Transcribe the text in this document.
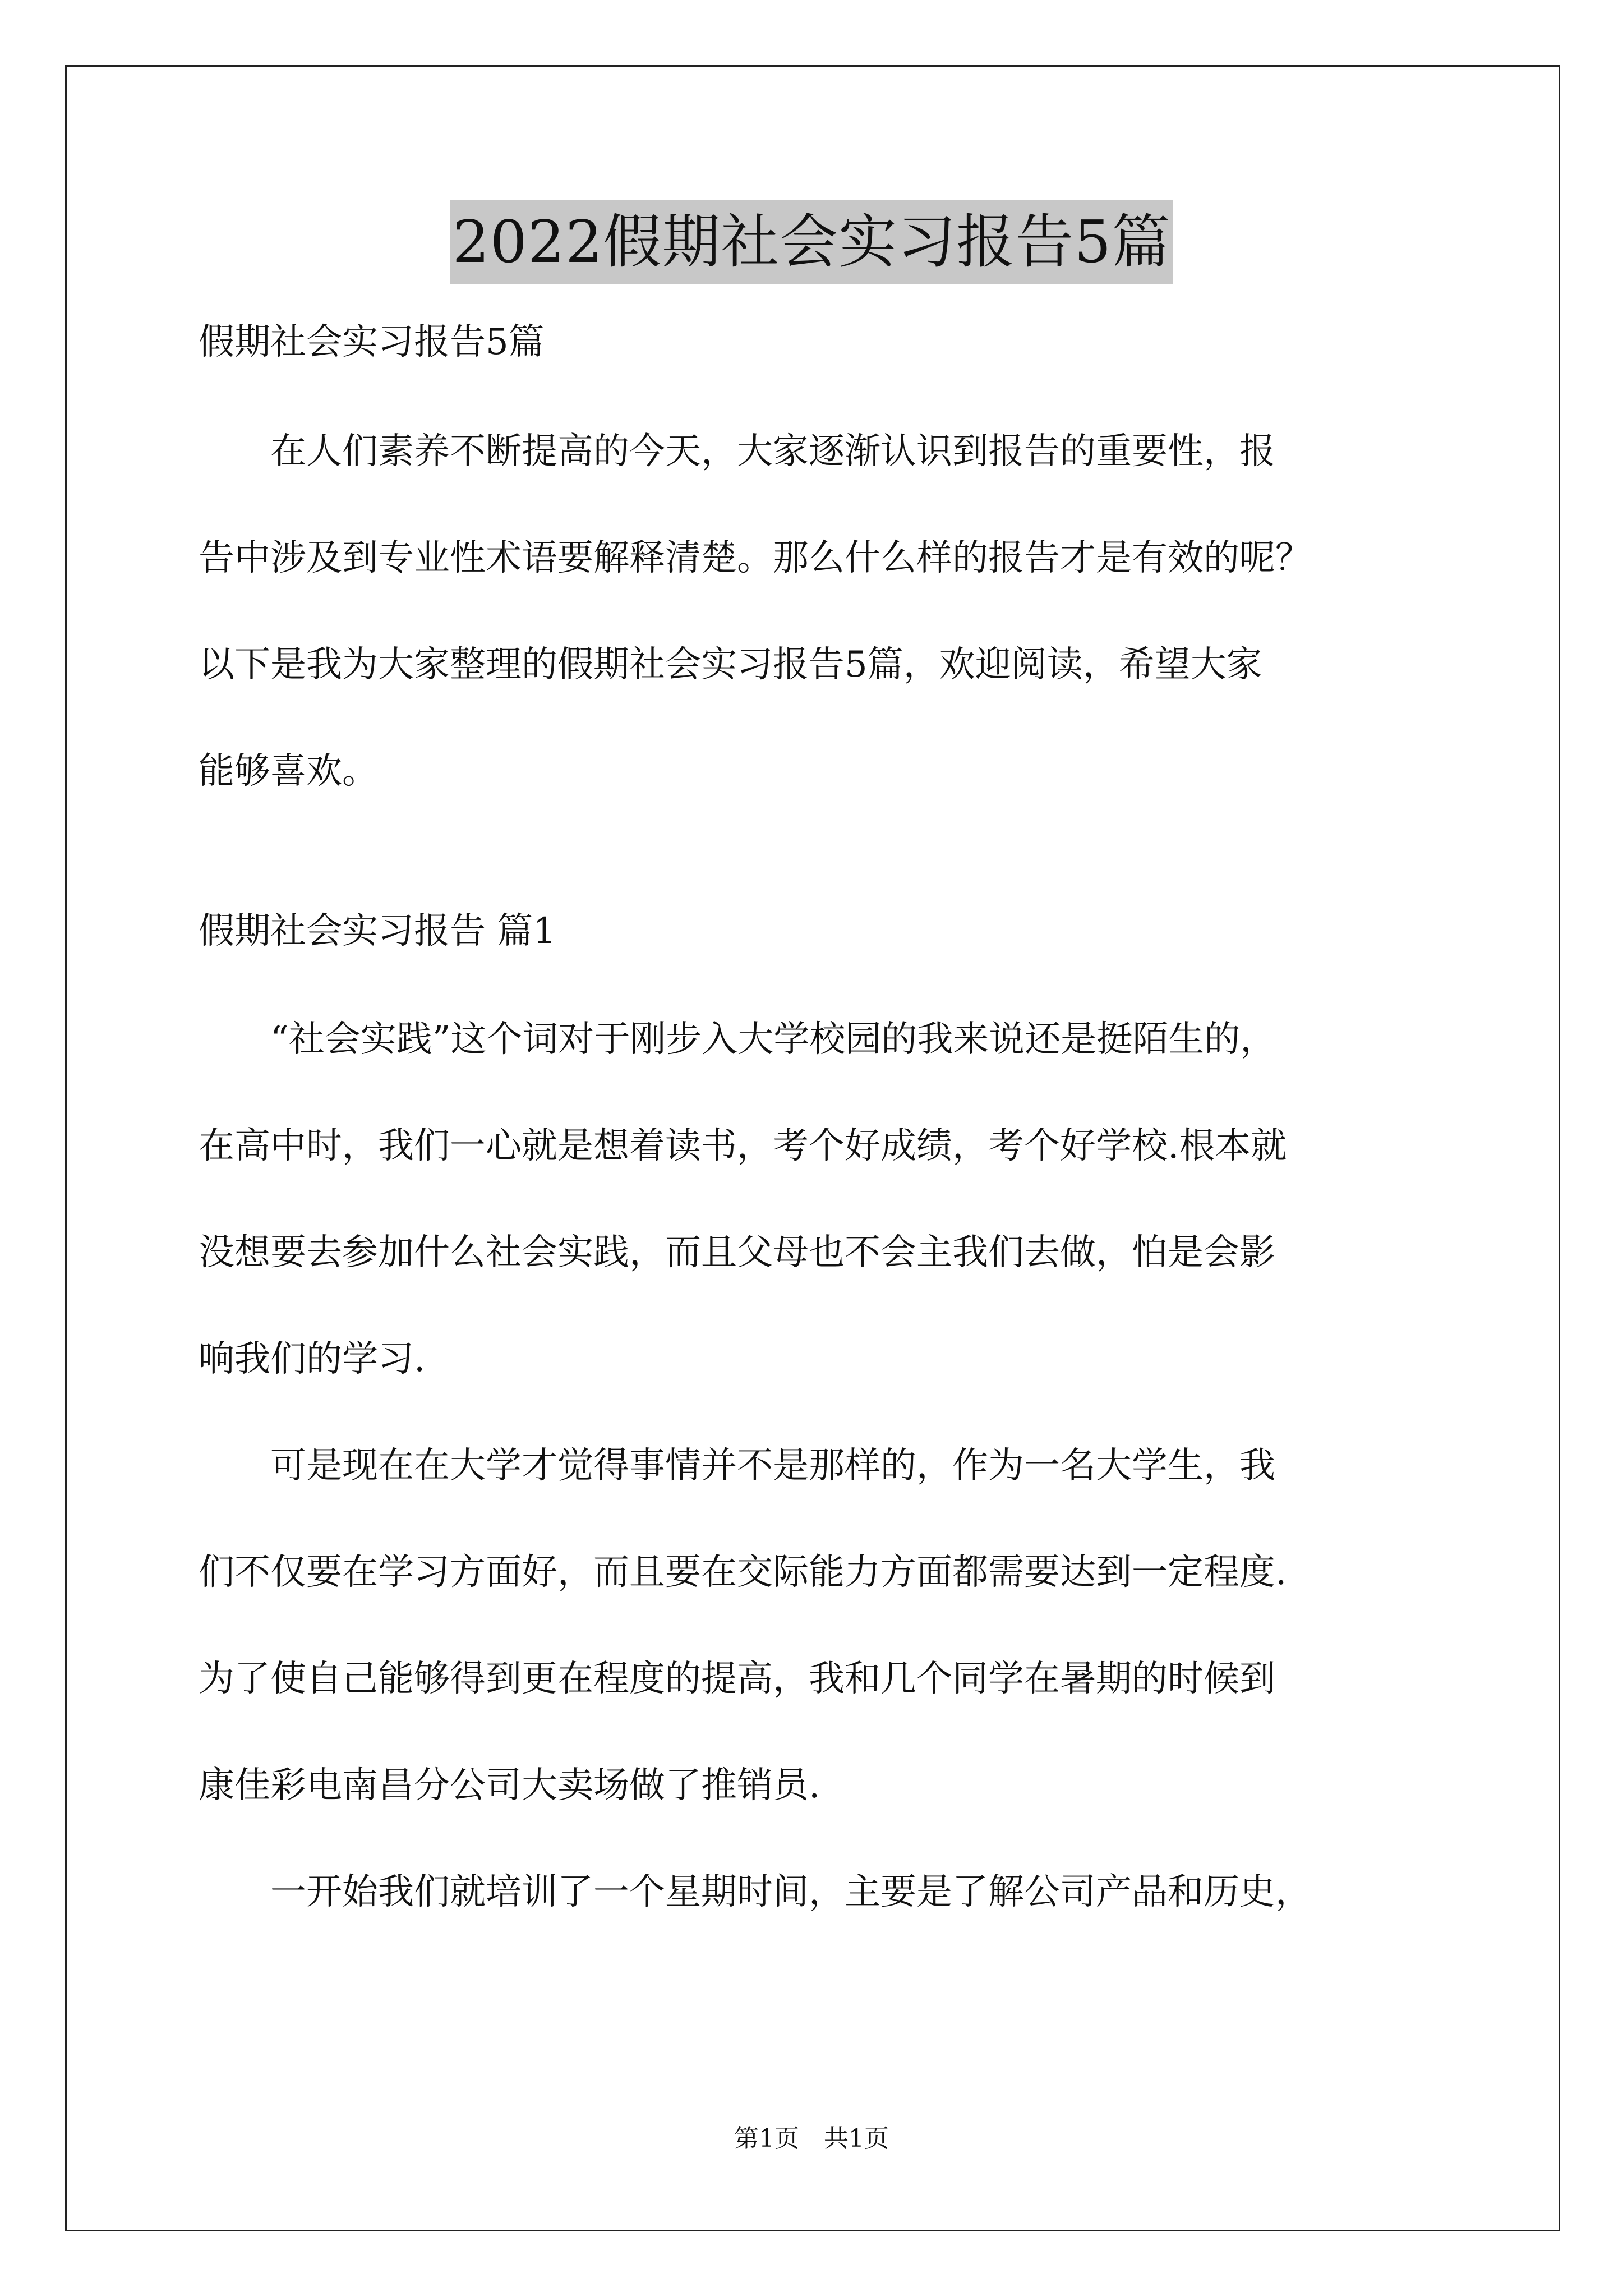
2022假期社会实习报告5篇
假期社会实习报告5篇

在人们素养不断提高的今天，大家逐渐认识到报告的重要性，报
告中涉及到专业性术语要解释清楚。那么什么样的报告才是有效的呢？
以下是我为大家整理的假期社会实习报告5篇，欢迎阅读，希望大家
能够喜欢。

假期社会实习报告 篇1

“社会实践”这个词对于刚步入大学校园的我来说还是挺陌生的，
在高中时，我们一心就是想着读书，考个好成绩，考个好学校.根本就
没想要去参加什么社会实践，而且父母也不会主我们去做，怕是会影
响我们的学习.

可是现在在大学才觉得事情并不是那样的，作为一名大学生，我
们不仅要在学习方面好，而且要在交际能力方面都需要达到一定程度.
为了使自己能够得到更在程度的提高，我和几个同学在暑期的时候到
康佳彩电南昌分公司大卖场做了推销员.

一开始我们就培训了一个星期时间，主要是了解公司产品和历史，

第1页　共1页
